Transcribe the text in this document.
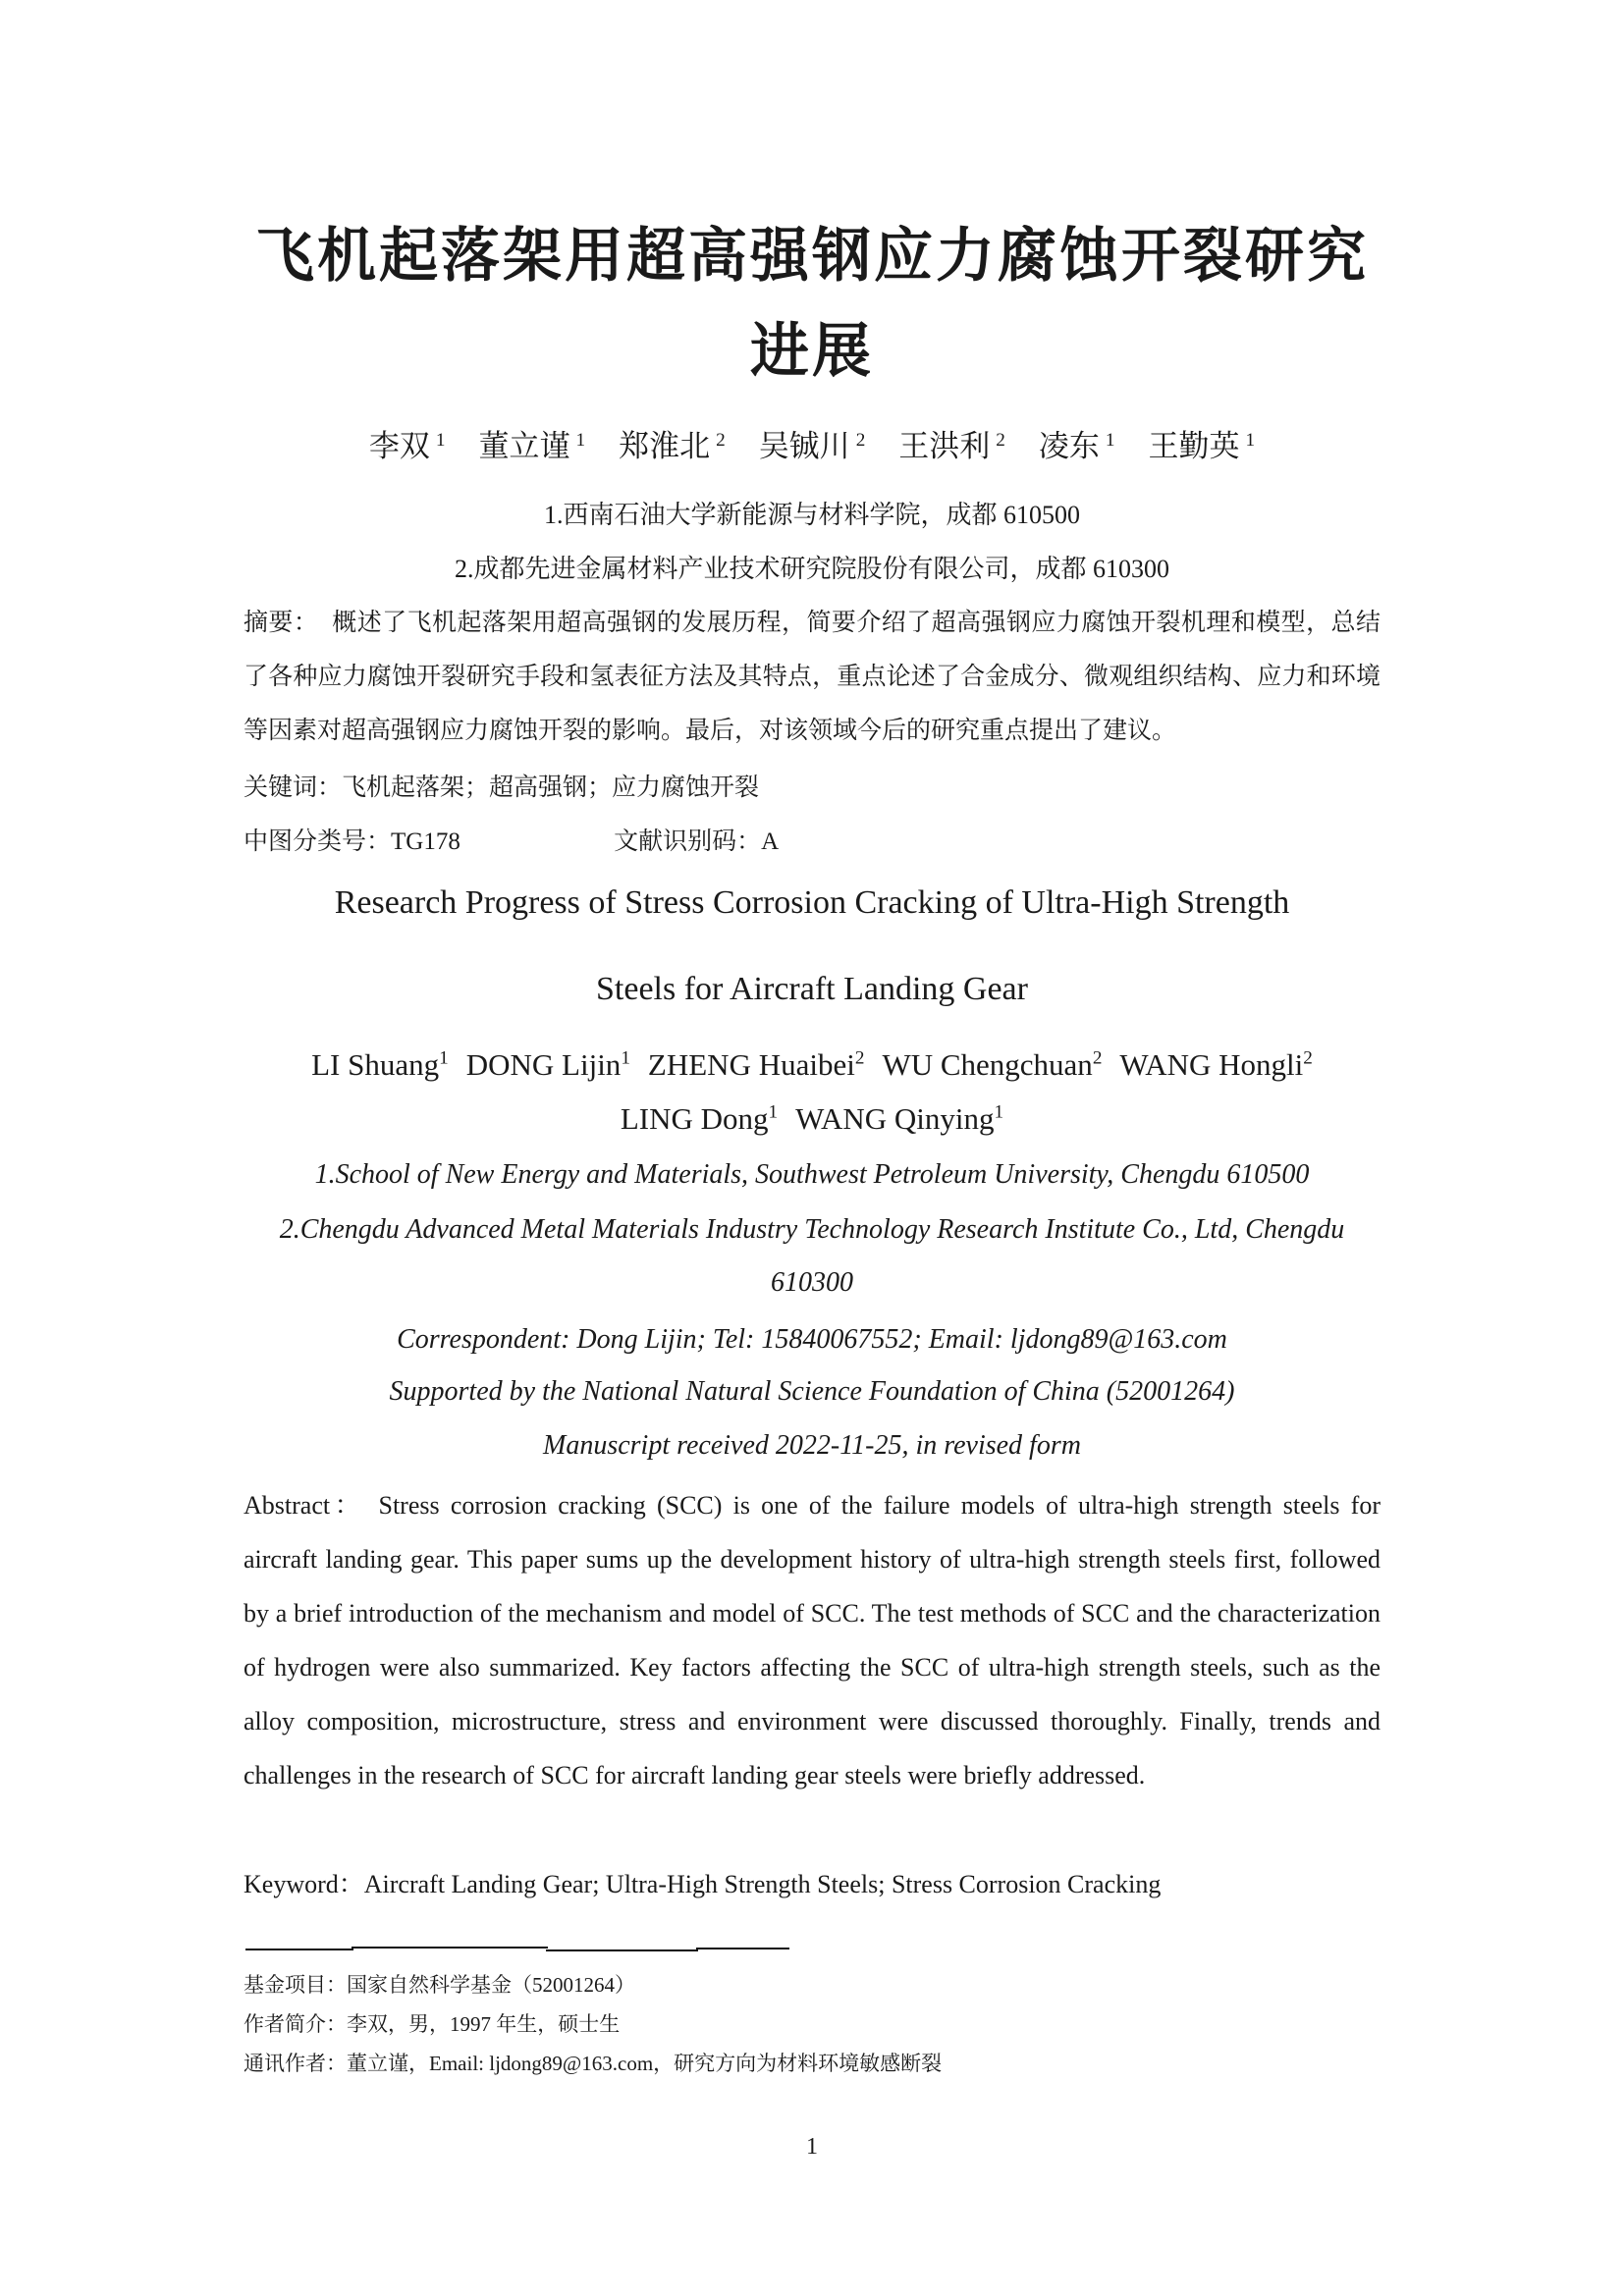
飞机起落架用超高强钢应力腐蚀开裂研究
进展
李双 $^1$ 董立谨 $^1$ 郑淮北 $^2$ 吴铖川 $^2$ 王洪利 $^2$ 凌东 $^1$ 王勤英 $^1$
1.西南石油大学新能源与材料学院，成都 610500
2.成都先进金属材料产业技术研究院股份有限公司，成都 610300
摘要： 概述了飞机起落架用超高强钢的发展历程，简要介绍了超高强钢应力腐蚀开裂机理和模型，总结了各种应力腐蚀开裂研究手段和氢表征方法及其特点，重点论述了合金成分、微观组织结构、应力和环境等因素对超高强钢应力腐蚀开裂的影响。最后，对该领域今后的研究重点提出了建议。
关键词：飞机起落架；超高强钢；应力腐蚀开裂
中图分类号：TG178	文献识别码：A
Research Progress of Stress Corrosion Cracking of Ultra-High Strength
Steels for Aircraft Landing Gear
LI Shuang$^1$ DONG Lijin$^1$ ZHENG Huaibei$^2$ WU Chengchuan$^2$ WANG Hongli$^2$
LING Dong$^1$ WANG Qinying$^1$
1.School of New Energy and Materials, Southwest Petroleum University, Chengdu 610500
2.Chengdu Advanced Metal Materials Industry Technology Research Institute Co., Ltd, Chengdu
610300
Correspondent: Dong Lijin; Tel: 15840067552; Email: ljdong89@163.com
Supported by the National Natural Science Foundation of China (52001264)
Manuscript received 2022-11-25, in revised form
Abstract： Stress corrosion cracking (SCC) is one of the failure models of ultra-high strength steels for aircraft landing gear. This paper sums up the development history of ultra-high strength steels first, followed by a brief introduction of the mechanism and model of SCC. The test methods of SCC and the characterization of hydrogen were also summarized. Key factors affecting the SCC of ultra-high strength steels, such as the alloy composition, microstructure, stress and environment were discussed thoroughly. Finally, trends and challenges in the research of SCC for aircraft landing gear steels were briefly addressed.
Keyword：Aircraft Landing Gear; Ultra-High Strength Steels; Stress Corrosion Cracking
基金项目：国家自然科学基金（52001264）
作者简介：李双，男，1997 年生，硕士生
通讯作者：董立谨，Email: ljdong89@163.com，研究方向为材料环境敏感断裂
1
